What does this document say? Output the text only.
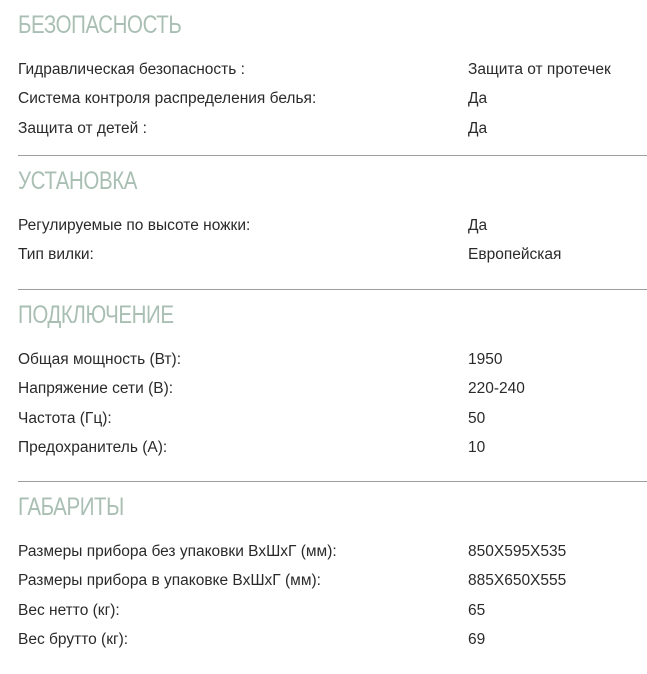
БЕЗОПАСНОСТЬ
Гидравлическая безопасность :	Защита от протечек
Система контроля распределения белья:	Да
Защита от детей :	Да
УСТАНОВКА
Регулируемые по высоте ножки:	Да
Тип вилки:	Европейская
ПОДКЛЮЧЕНИЕ
Общая мощность (Вт):	1950
Напряжение сети (В):	220-240
Частота (Гц):	50
Предохранитель (А):	10
ГАБАРИТЫ
Размеры прибора без упаковки ВхШхГ (мм):	850X595X535
Размеры прибора в упаковке ВхШхГ (мм):	885X650X555
Вес нетто (кг):	65
Вес брутто (кг):	69
